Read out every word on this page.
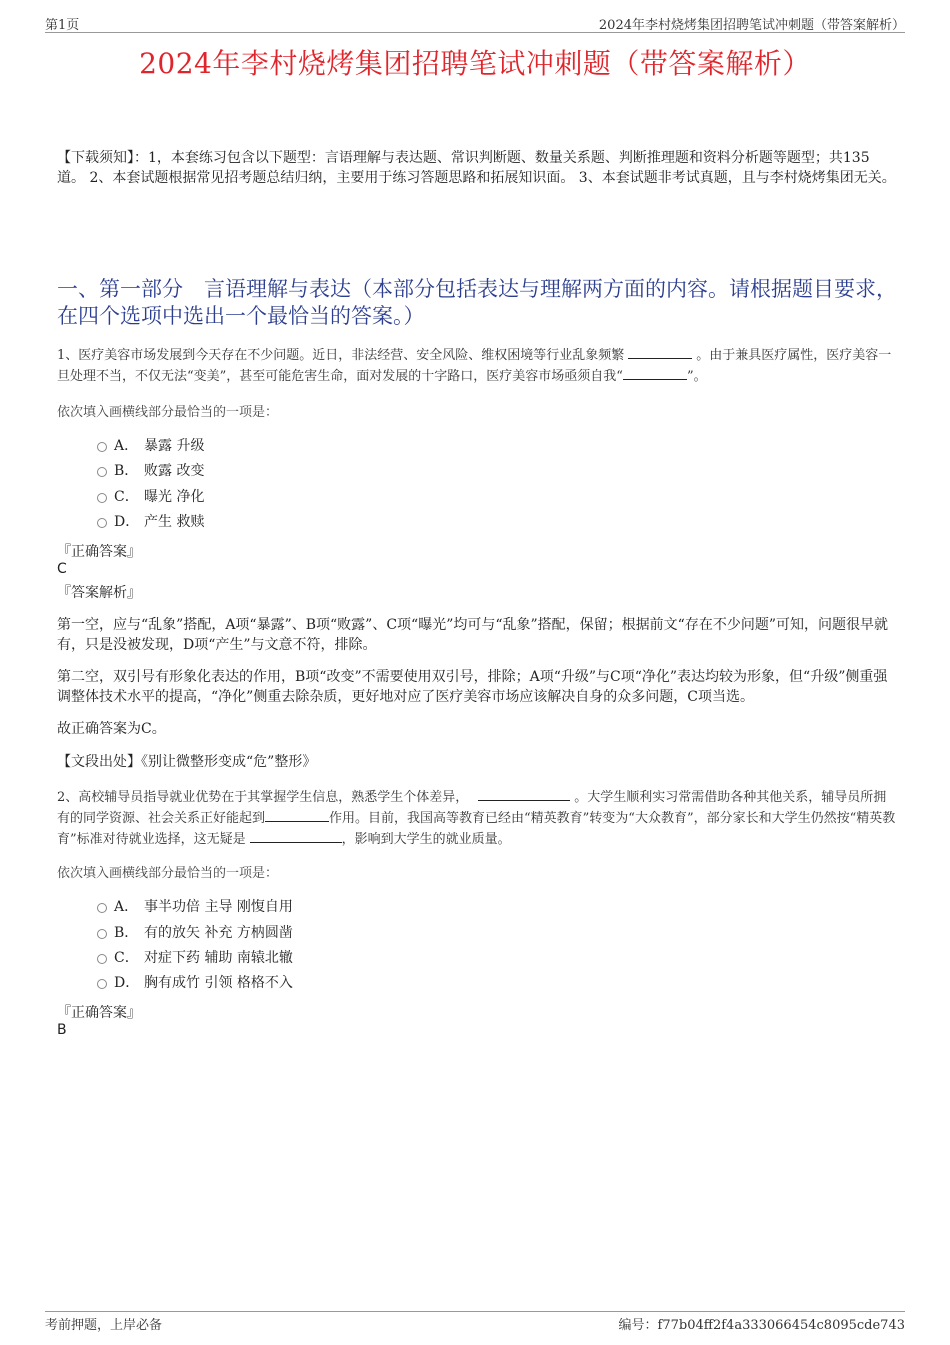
第1页	2024年李村烧烤集团招聘笔试冲刺题（带答案解析）
2024年李村烧烤集团招聘笔试冲刺题（带答案解析）
【下载须知】：1，本套练习包含以下题型：言语理解与表达题、常识判断题、数量关系题、判断推理题和资料分析题等题型；共135道。 2、本套试题根据常见招考题总结归纳，主要用于练习答题思路和拓展知识面。 3、本套试题非考试真题，且与李村烧烤集团无关。
一、第一部分　言语理解与表达（本部分包括表达与理解两方面的内容。请根据题目要求，在四个选项中选出一个最恰当的答案。）
1、医疗美容市场发展到今天存在不少问题。近日，非法经营、安全风险、维权困境等行业乱象频繁	。由于兼具医疗属性，医疗美容一旦处理不当，不仅无法“变美”，甚至可能危害生命，面对发展的十字路口，医疗美容市场亟须自我“	”。
依次填入画横线部分最恰当的一项是：
A． 暴露 升级
B． 败露 改变
C． 曝光 净化
D． 产生 救赎
『正确答案』
C
『答案解析』
第一空，应与“乱象”搭配，A项“暴露”、B项“败露”、C项“曝光”均可与“乱象”搭配，保留；根据前文“存在不少问题”可知，问题很早就有，只是没被发现，D项“产生”与文意不符，排除。
第二空，双引号有形象化表达的作用，B项“改变”不需要使用双引号，排除；A项“升级”与C项“净化”表达均较为形象，但“升级”侧重强调整体技术水平的提高，“净化”侧重去除杂质，更好地对应了医疗美容市场应该解决自身的众多问题，C项当选。
故正确答案为C。
【文段出处】《别让微整形变成“危”整形》
2、高校辅导员指导就业优势在于其掌握学生信息，熟悉学生个体差异，	。大学生顺利实习常需借助各种其他关系，辅导员所拥有的同学资源、社会关系正好能起到	作用。目前，我国高等教育已经由“精英教育”转变为“大众教育”，部分家长和大学生仍然按“精英教育”标准对待就业选择，这无疑是	，影响到大学生的就业质量。
依次填入画横线部分最恰当的一项是：
A． 事半功倍 主导 刚愎自用
B． 有的放矢 补充 方枘圆凿
C． 对症下药 辅助 南辕北辙
D． 胸有成竹 引领 格格不入
『正确答案』
B
考前押题，上岸必备	编号：f77b04ff2f4a333066454c8095cde743
